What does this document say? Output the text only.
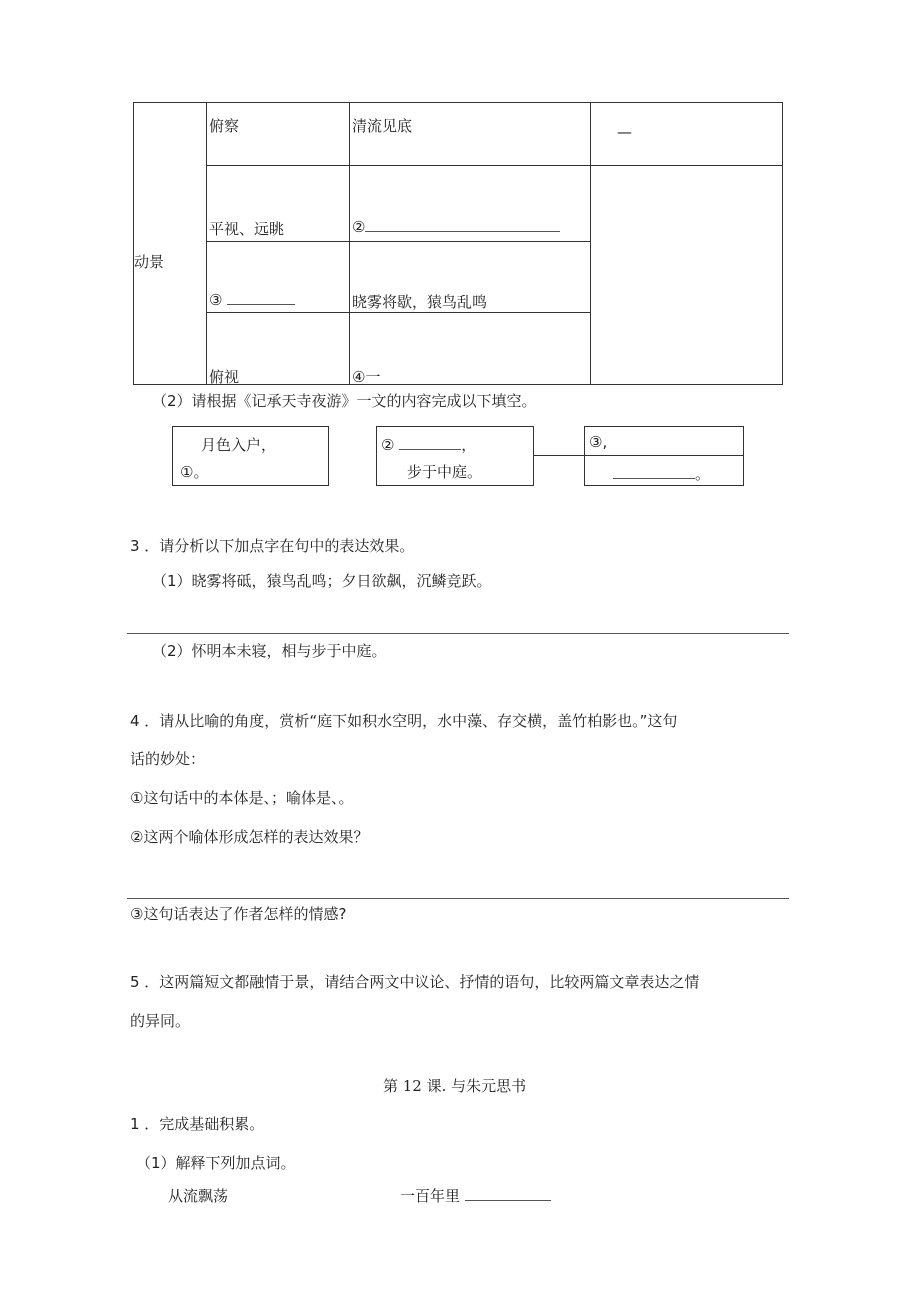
动景
俯察	清流见底	—
平视、远眺	②
③	晓雾将歇，猿鸟乱鸣
俯视	④一
（2）请根据《记承天寺夜游》一文的内容完成以下填空。
月色入户，
①。
②	，
步于中庭。
③,
。
3 ．请分析以下加点字在句中的表达效果。
（1）晓雾将砥，猿鸟乱鸣；夕日欲飙，沉鳞竞跃。
（2）怀明本未寝，相与步于中庭。
4 ．请从比喻的角度，赏析“庭下如积水空明，水中藻、存交横，盖竹柏影也。”这句
话的妙处：
①这句话中的本体是、；喻体是、。
②这两个喻体形成怎样的表达效果？
③这句话表达了作者怎样的情感?
5 ．这两篇短文都融情于景，请结合两文中议论、抒情的语句，比较两篇文章表达之情
的异同。
第 12 课. 与朱元思书
1 ．完成基础积累。
（1）解释下列加点词。
从流飘荡	一百年里
